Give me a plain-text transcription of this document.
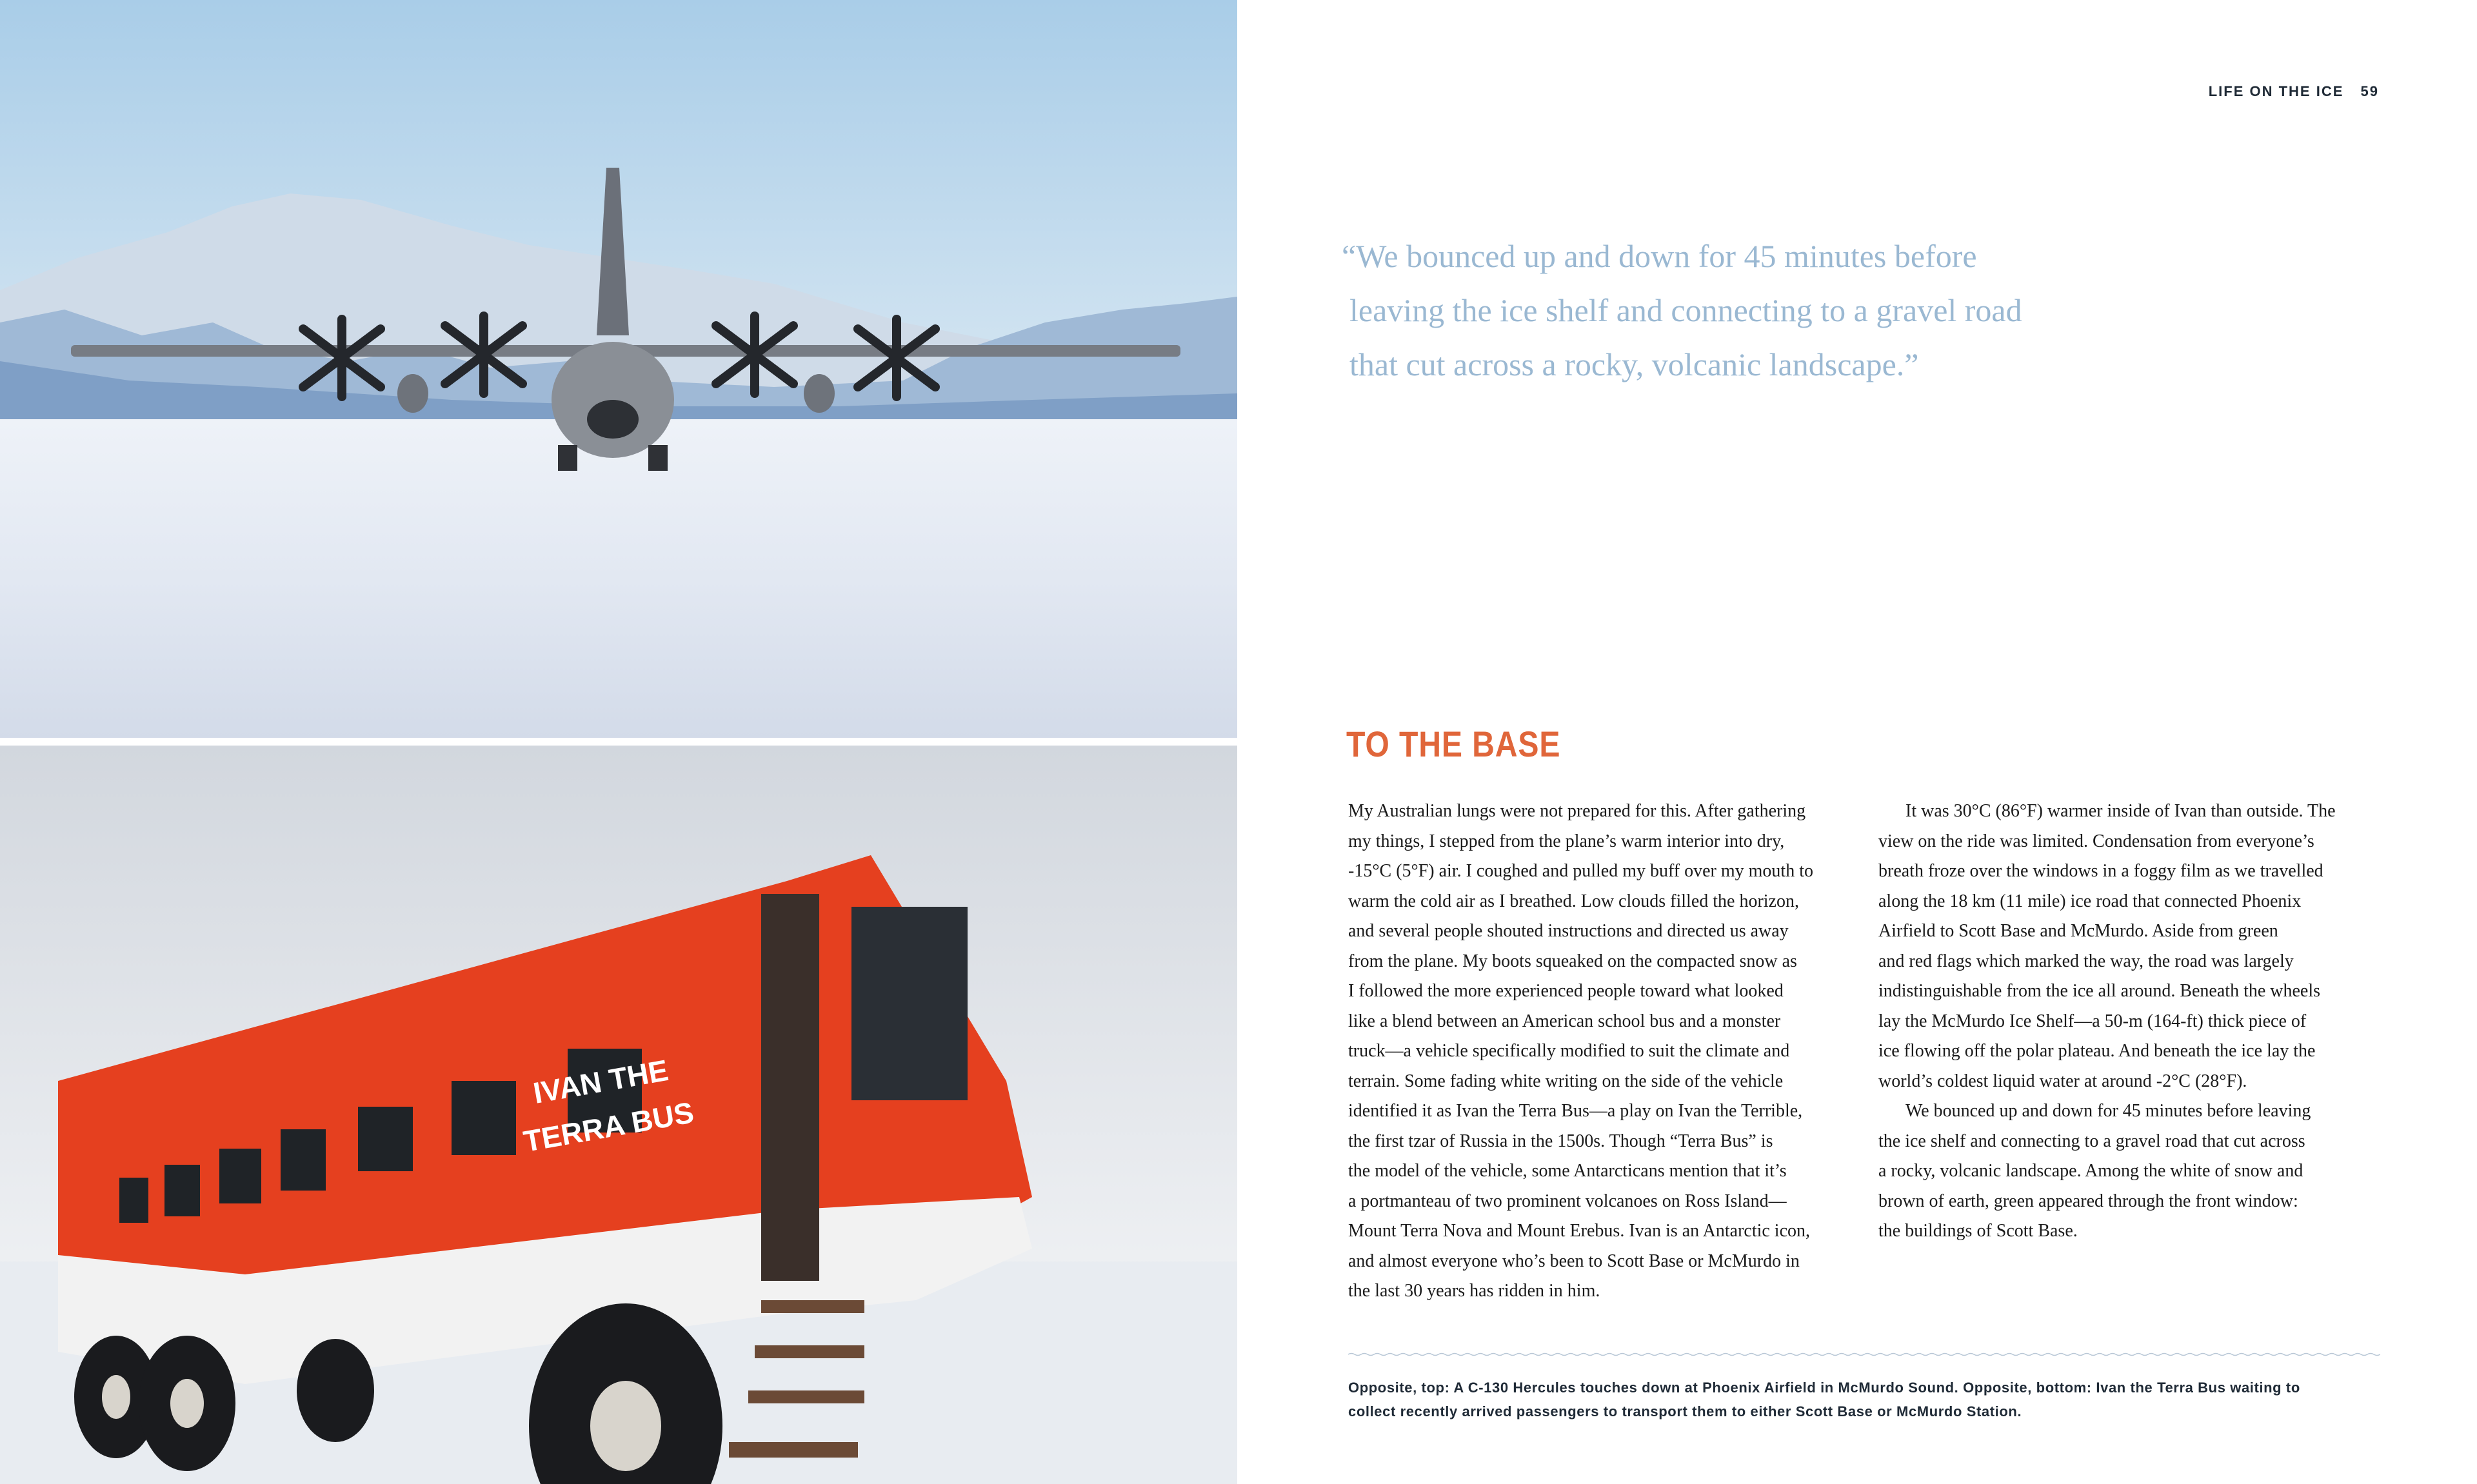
IVAN THE
TERRA BUS
LIFE ON THE ICE 59
“We bounced up and down for 45 minutes before
leaving the ice shelf and connecting to a gravel road
that cut across a rocky, volcanic landscape.”
TO THE BASE
My Australian lungs were not prepared for this. After gathering
my things, I stepped from the plane’s warm interior into dry,
-15°C (5°F) air. I coughed and pulled my buff over my mouth to
warm the cold air as I breathed. Low clouds filled the horizon,
and several people shouted instructions and directed us away
from the plane. My boots squeaked on the compacted snow as
I followed the more experienced people toward what looked
like a blend between an American school bus and a monster
truck—a vehicle specifically modified to suit the climate and
terrain. Some fading white writing on the side of the vehicle
identified it as Ivan the Terra Bus—a play on Ivan the Terrible,
the first tzar of Russia in the 1500s. Though “Terra Bus” is
the model of the vehicle, some Antarcticans mention that it’s
a portmanteau of two prominent volcanoes on Ross Island—
Mount Terra Nova and Mount Erebus. Ivan is an Antarctic icon,
and almost everyone who’s been to Scott Base or McMurdo in
the last 30 years has ridden in him.
It was 30°C (86°F) warmer inside of Ivan than outside. The
view on the ride was limited. Condensation from everyone’s
breath froze over the windows in a foggy film as we travelled
along the 18 km (11 mile) ice road that connected Phoenix
Airfield to Scott Base and McMurdo. Aside from green
and red flags which marked the way, the road was largely
indistinguishable from the ice all around. Beneath the wheels
lay the McMurdo Ice Shelf—a 50-m (164-ft) thick piece of
ice flowing off the polar plateau. And beneath the ice lay the
world’s coldest liquid water at around -2°C (28°F).
We bounced up and down for 45 minutes before leaving
the ice shelf and connecting to a gravel road that cut across
a rocky, volcanic landscape. Among the white of snow and
brown of earth, green appeared through the front window:
the buildings of Scott Base.
Opposite, top: A C-130 Hercules touches down at Phoenix Airfield in McMurdo Sound. Opposite, bottom: Ivan the Terra Bus waiting to
collect recently arrived passengers to transport them to either Scott Base or McMurdo Station.
